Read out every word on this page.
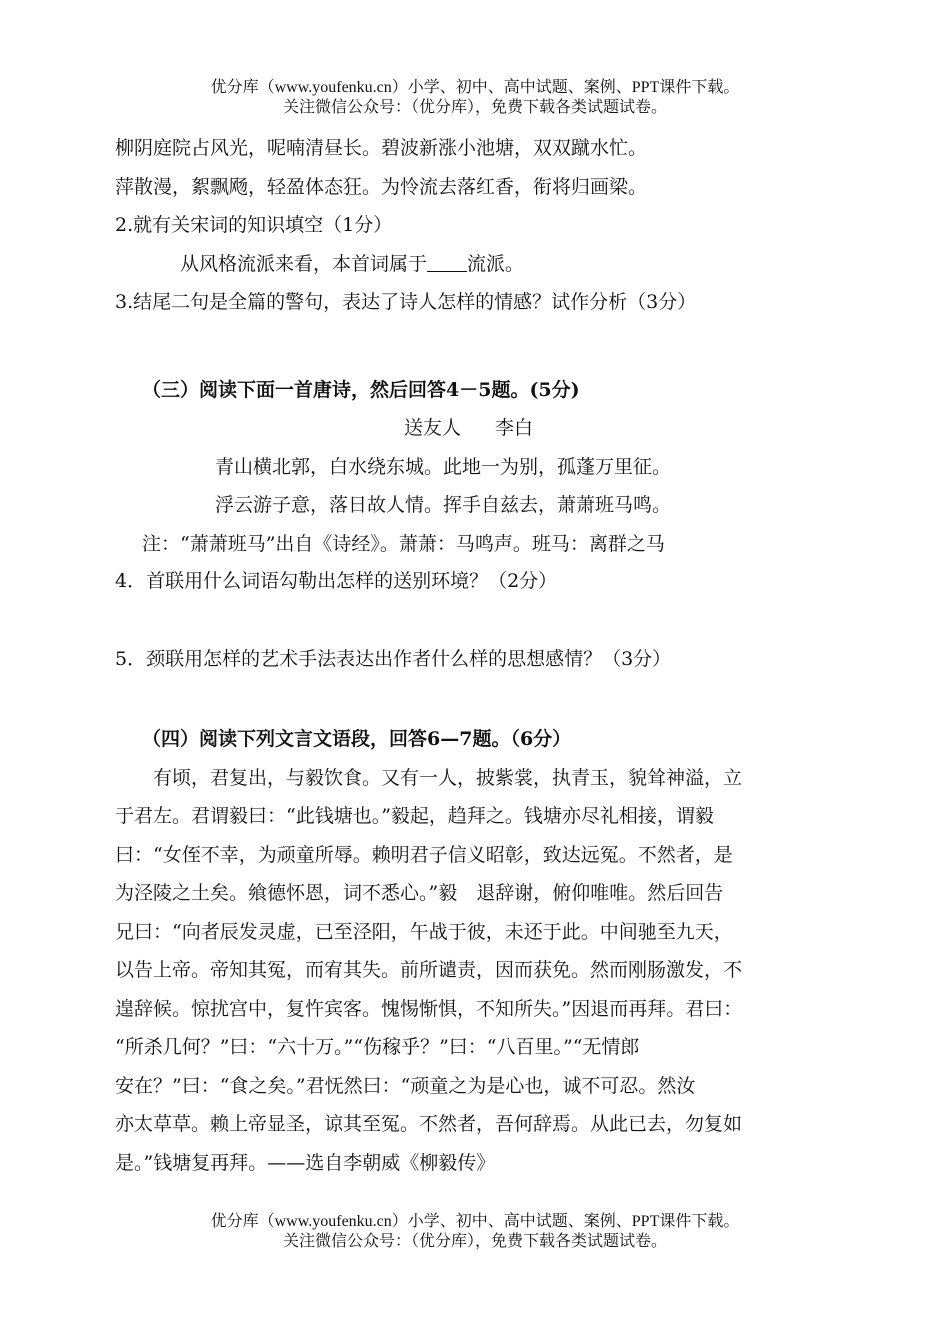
优分库（www.youfenku.cn）小学、初中、高中试题、案例、PPT课件下载。
关注微信公众号：（优分库），免费下载各类试题试卷。
柳阴庭院占风光，呢喃清昼长。碧波新涨小池塘，双双蹴水忙。
萍散漫，絮飘飏，轻盈体态狂。为怜流去落红香，衔将归画梁。
2.就有关宋词的知识填空（1分）
从风格流派来看，本首词属于 流派。
3.结尾二句是全篇的警句，表达了诗人怎样的情感？试作分析（3分）
（三）阅读下面一首唐诗，然后回答4－5题。(5分)
送友人 李白
青山横北郭，白水绕东城。此地一为别，孤蓬万里征。
浮云游子意，落日故人情。挥手自兹去，萧萧班马鸣。
注：“萧萧班马”出自《诗经》。萧萧：马鸣声。班马：离群之马
4．首联用什么词语勾勒出怎样的送别环境？（2分）
5．颈联用怎样的艺术手法表达出作者什么样的思想感情？（3分）
（四）阅读下列文言文语段，回答6—7题。（6分）
有顷，君复出，与毅饮食。又有一人，披紫裳，执青玉，貌耸神溢，立
于君左。君谓毅曰：“此钱塘也。”毅起，趋拜之。钱塘亦尽礼相接，谓毅
曰：“女侄不幸，为顽童所辱。赖明君子信义昭彰，致达远冤。不然者，是
为泾陵之土矣。飨德怀恩，词不悉心。”毅　退辞谢，俯仰唯唯。然后回告
兄曰：“向者辰发灵虚，已至泾阳，午战于彼，未还于此。中间驰至九天，
以告上帝。帝知其冤，而宥其失。前所谴责，因而获免。然而刚肠激发，不
遑辞候。惊扰宫中，复忤宾客。愧惕惭惧，不知所失。”因退而再拜。君曰：
“所杀几何？”曰：“六十万。”“伤稼乎？”曰：“八百里。”“无情郎
安在？”曰：“食之矣。”君怃然曰：“顽童之为是心也，诚不可忍。然汝
亦太草草。赖上帝显圣，谅其至冤。不然者，吾何辞焉。从此已去，勿复如
是。”钱塘复再拜。——选自李朝威《柳毅传》
优分库（www.youfenku.cn）小学、初中、高中试题、案例、PPT课件下载。
关注微信公众号：（优分库），免费下载各类试题试卷。
